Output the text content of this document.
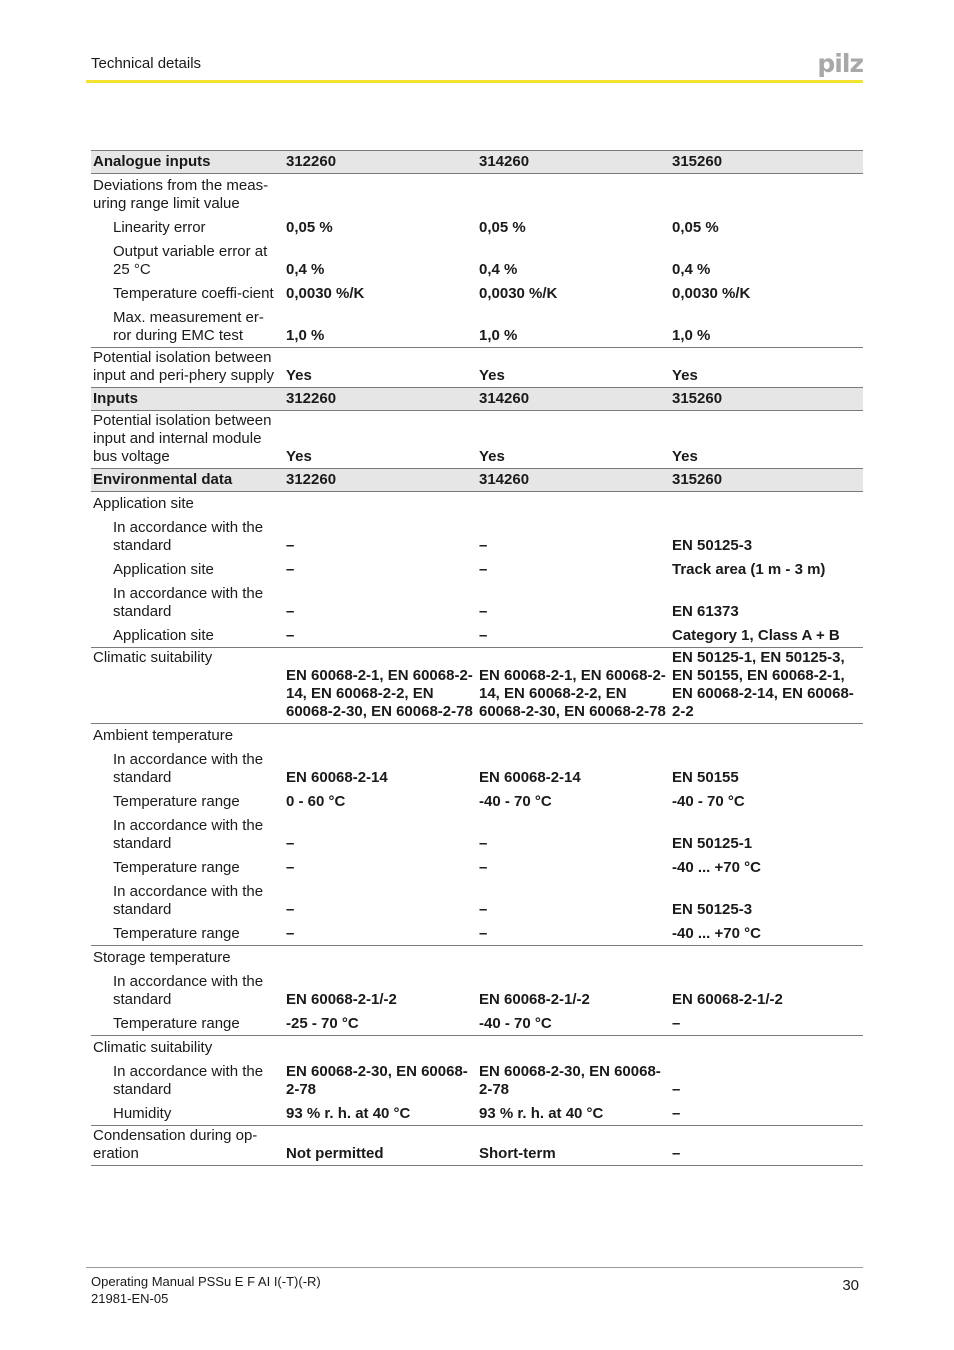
Technical details	pilz
Analogue inputs	312260	314260	315260
Deviations from the meas-uring range limit value			
Linearity error	0,05 %	0,05 %	0,05 %
Output variable error at 25 °C	0,4 %	0,4 %	0,4 %
Temperature coeffi-cient	0,0030 %/K	0,0030 %/K	0,0030 %/K
Max. measurement er-ror during EMC test	1,0 %	1,0 %	1,0 %
Potential isolation between input and peri-phery supply	Yes	Yes	Yes
Inputs	312260	314260	315260
Potential isolation between input and internal module bus voltage	Yes	Yes	Yes
Environmental data	312260	314260	315260
Application site			
In accordance with the standard	–	–	EN 50125-3
Application site	–	–	Track area (1 m - 3 m)
In accordance with the standard	–	–	EN 61373
Application site	–	–	Category 1, Class A + B
Climatic suitability	EN 60068-2-1, EN 60068-2-14, EN 60068-2-2, EN 60068-2-30, EN 60068-2-78	EN 60068-2-1, EN 60068-2-14, EN 60068-2-2, EN 60068-2-30, EN 60068-2-78	EN 50125-1, EN 50125-3, EN 50155, EN 60068-2-1, EN 60068-2-14, EN 60068-2-2
Ambient temperature			
In accordance with the standard	EN 60068-2-14	EN 60068-2-14	EN 50155
Temperature range	0 - 60 °C	-40 - 70 °C	-40 - 70 °C
In accordance with the standard	–	–	EN 50125-1
Temperature range	–	–	-40 ... +70 °C
In accordance with the standard	–	–	EN 50125-3
Temperature range	–	–	-40 ... +70 °C
Storage temperature			
In accordance with the standard	EN 60068-2-1/-2	EN 60068-2-1/-2	EN 60068-2-1/-2
Temperature range	-25 - 70 °C	-40 - 70 °C	–
Climatic suitability			
In accordance with the standard	EN 60068-2-30, EN 60068-2-78	EN 60068-2-30, EN 60068-2-78	–
Humidity	93 % r. h. at 40 °C	93 % r. h. at 40 °C	–
Condensation during op-eration	Not permitted	Short-term	–
Operating Manual PSSu E F AI I(-T)(-R)
21981-EN-05
30
